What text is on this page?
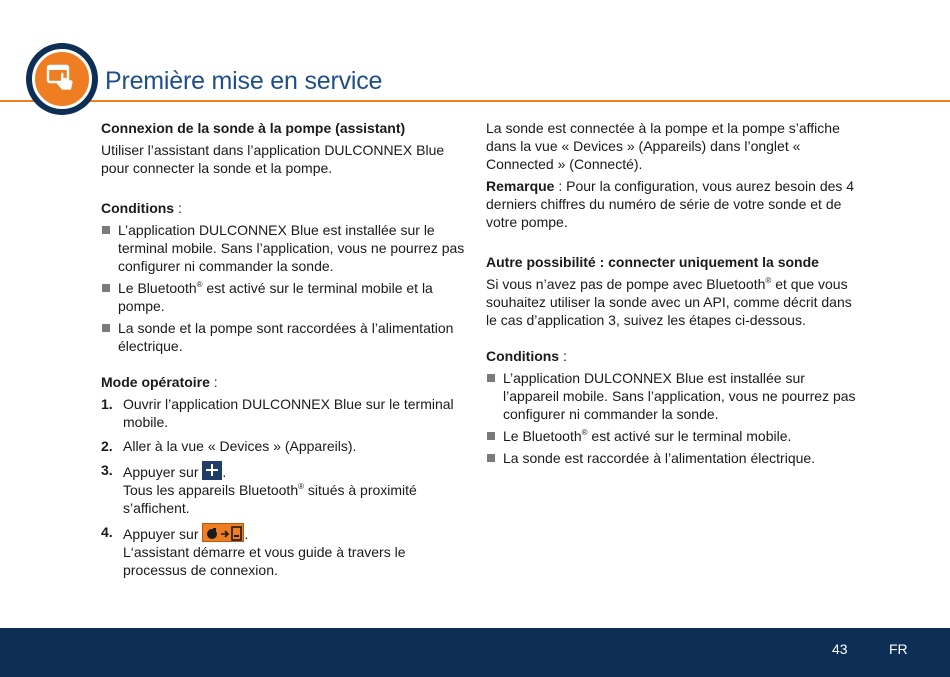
Première mise en service
Connexion de la sonde à la pompe (assistant)
Utiliser l’assistant dans l’application DULCONNEX Blue pour connecter la sonde et la pompe.
Conditions :
L’application DULCONNEX Blue est installée sur le terminal mobile. Sans l’application, vous ne pourrez pas configurer ni commander la sonde.
Le Bluetooth® est activé sur le terminal mobile et la pompe.
La sonde et la pompe sont raccordées à l’alimentation électrique.
Mode opératoire :
1. Ouvrir l’application DULCONNEX Blue sur le terminal mobile.
2. Aller à la vue « Devices » (Appareils).
3. Appuyer sur .
Tous les appareils Bluetooth® situés à proximité s’affichent.
4. Appuyer sur	.
L‘assistant démarre et vous guide à travers le processus de connexion.
La sonde est connectée à la pompe et la pompe s’affiche dans la vue « Devices » (Appareils) dans l’onglet « Connected » (Connecté).
Remarque : Pour la configuration, vous aurez besoin des 4 derniers chiffres du numéro de série de votre sonde et de votre pompe.
Autre possibilité : connecter uniquement la sonde
Si vous n’avez pas de pompe avec Bluetooth® et que vous souhaitez utiliser la sonde avec un API, comme décrit dans le cas d’application 3, suivez les étapes ci-dessous.
Conditions :
L’application DULCONNEX Blue est installée sur l’appareil mobile. Sans l’application, vous ne pourrez pas configurer ni commander la sonde.
Le Bluetooth® est activé sur le terminal mobile.
La sonde est raccordée à l’alimentation électrique.
43	FR
